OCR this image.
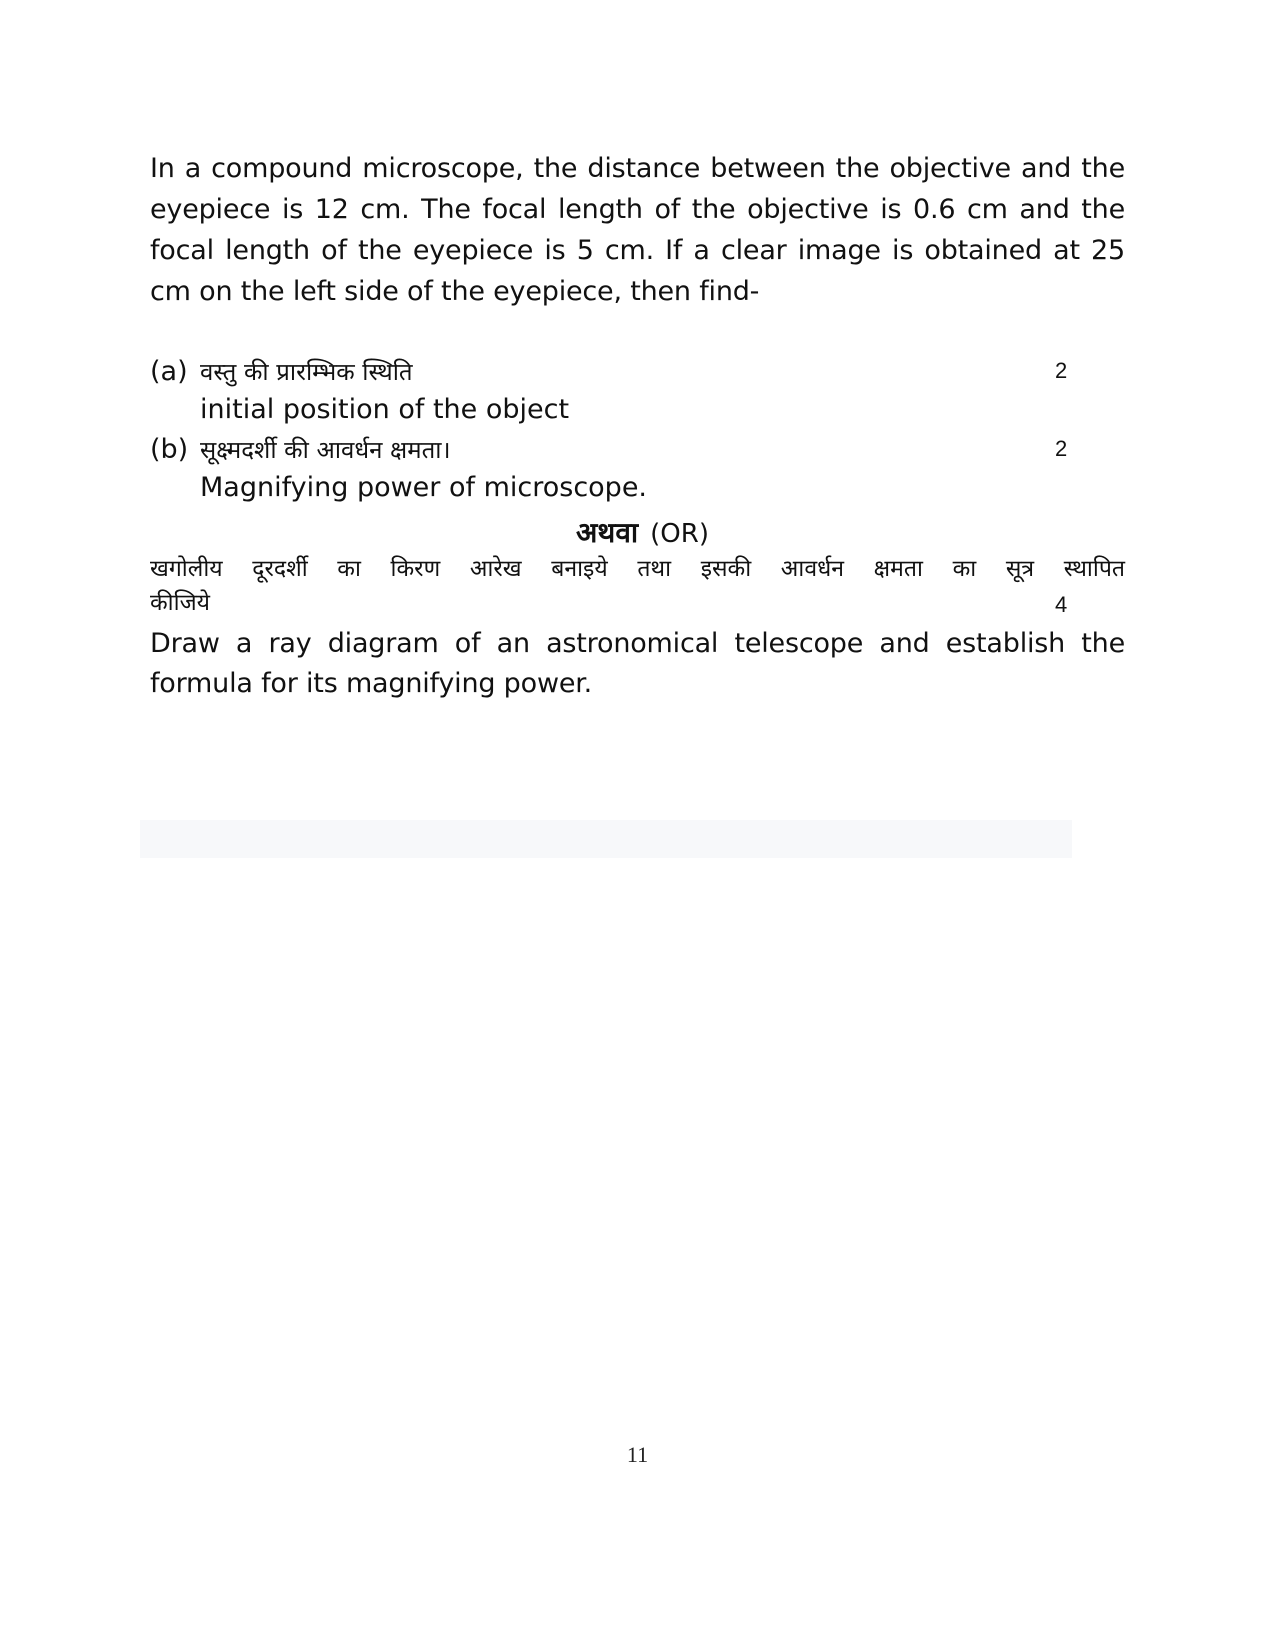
In a compound microscope, the distance between the objective and the eyepiece is 12 cm. The focal length of the objective is 0.6 cm and the focal length of the eyepiece is 5 cm. If a clear image is obtained at 25 cm on the left side of the eyepiece, then find-

(a) वस्तु की प्रारम्भिक स्थिति	2
initial position of the object
(b) सूक्ष्मदर्शी की आवर्धन क्षमता।	2
Magnifying power of microscope.
अथवा (OR)

खगोलीय दूरदर्शी का किरण आरेख बनाइये तथा इसकी आवर्धन क्षमता का सूत्र स्थापित

कीजिये	4

Draw a ray diagram of an astronomical telescope and establish the formula for its magnifying power.

11
